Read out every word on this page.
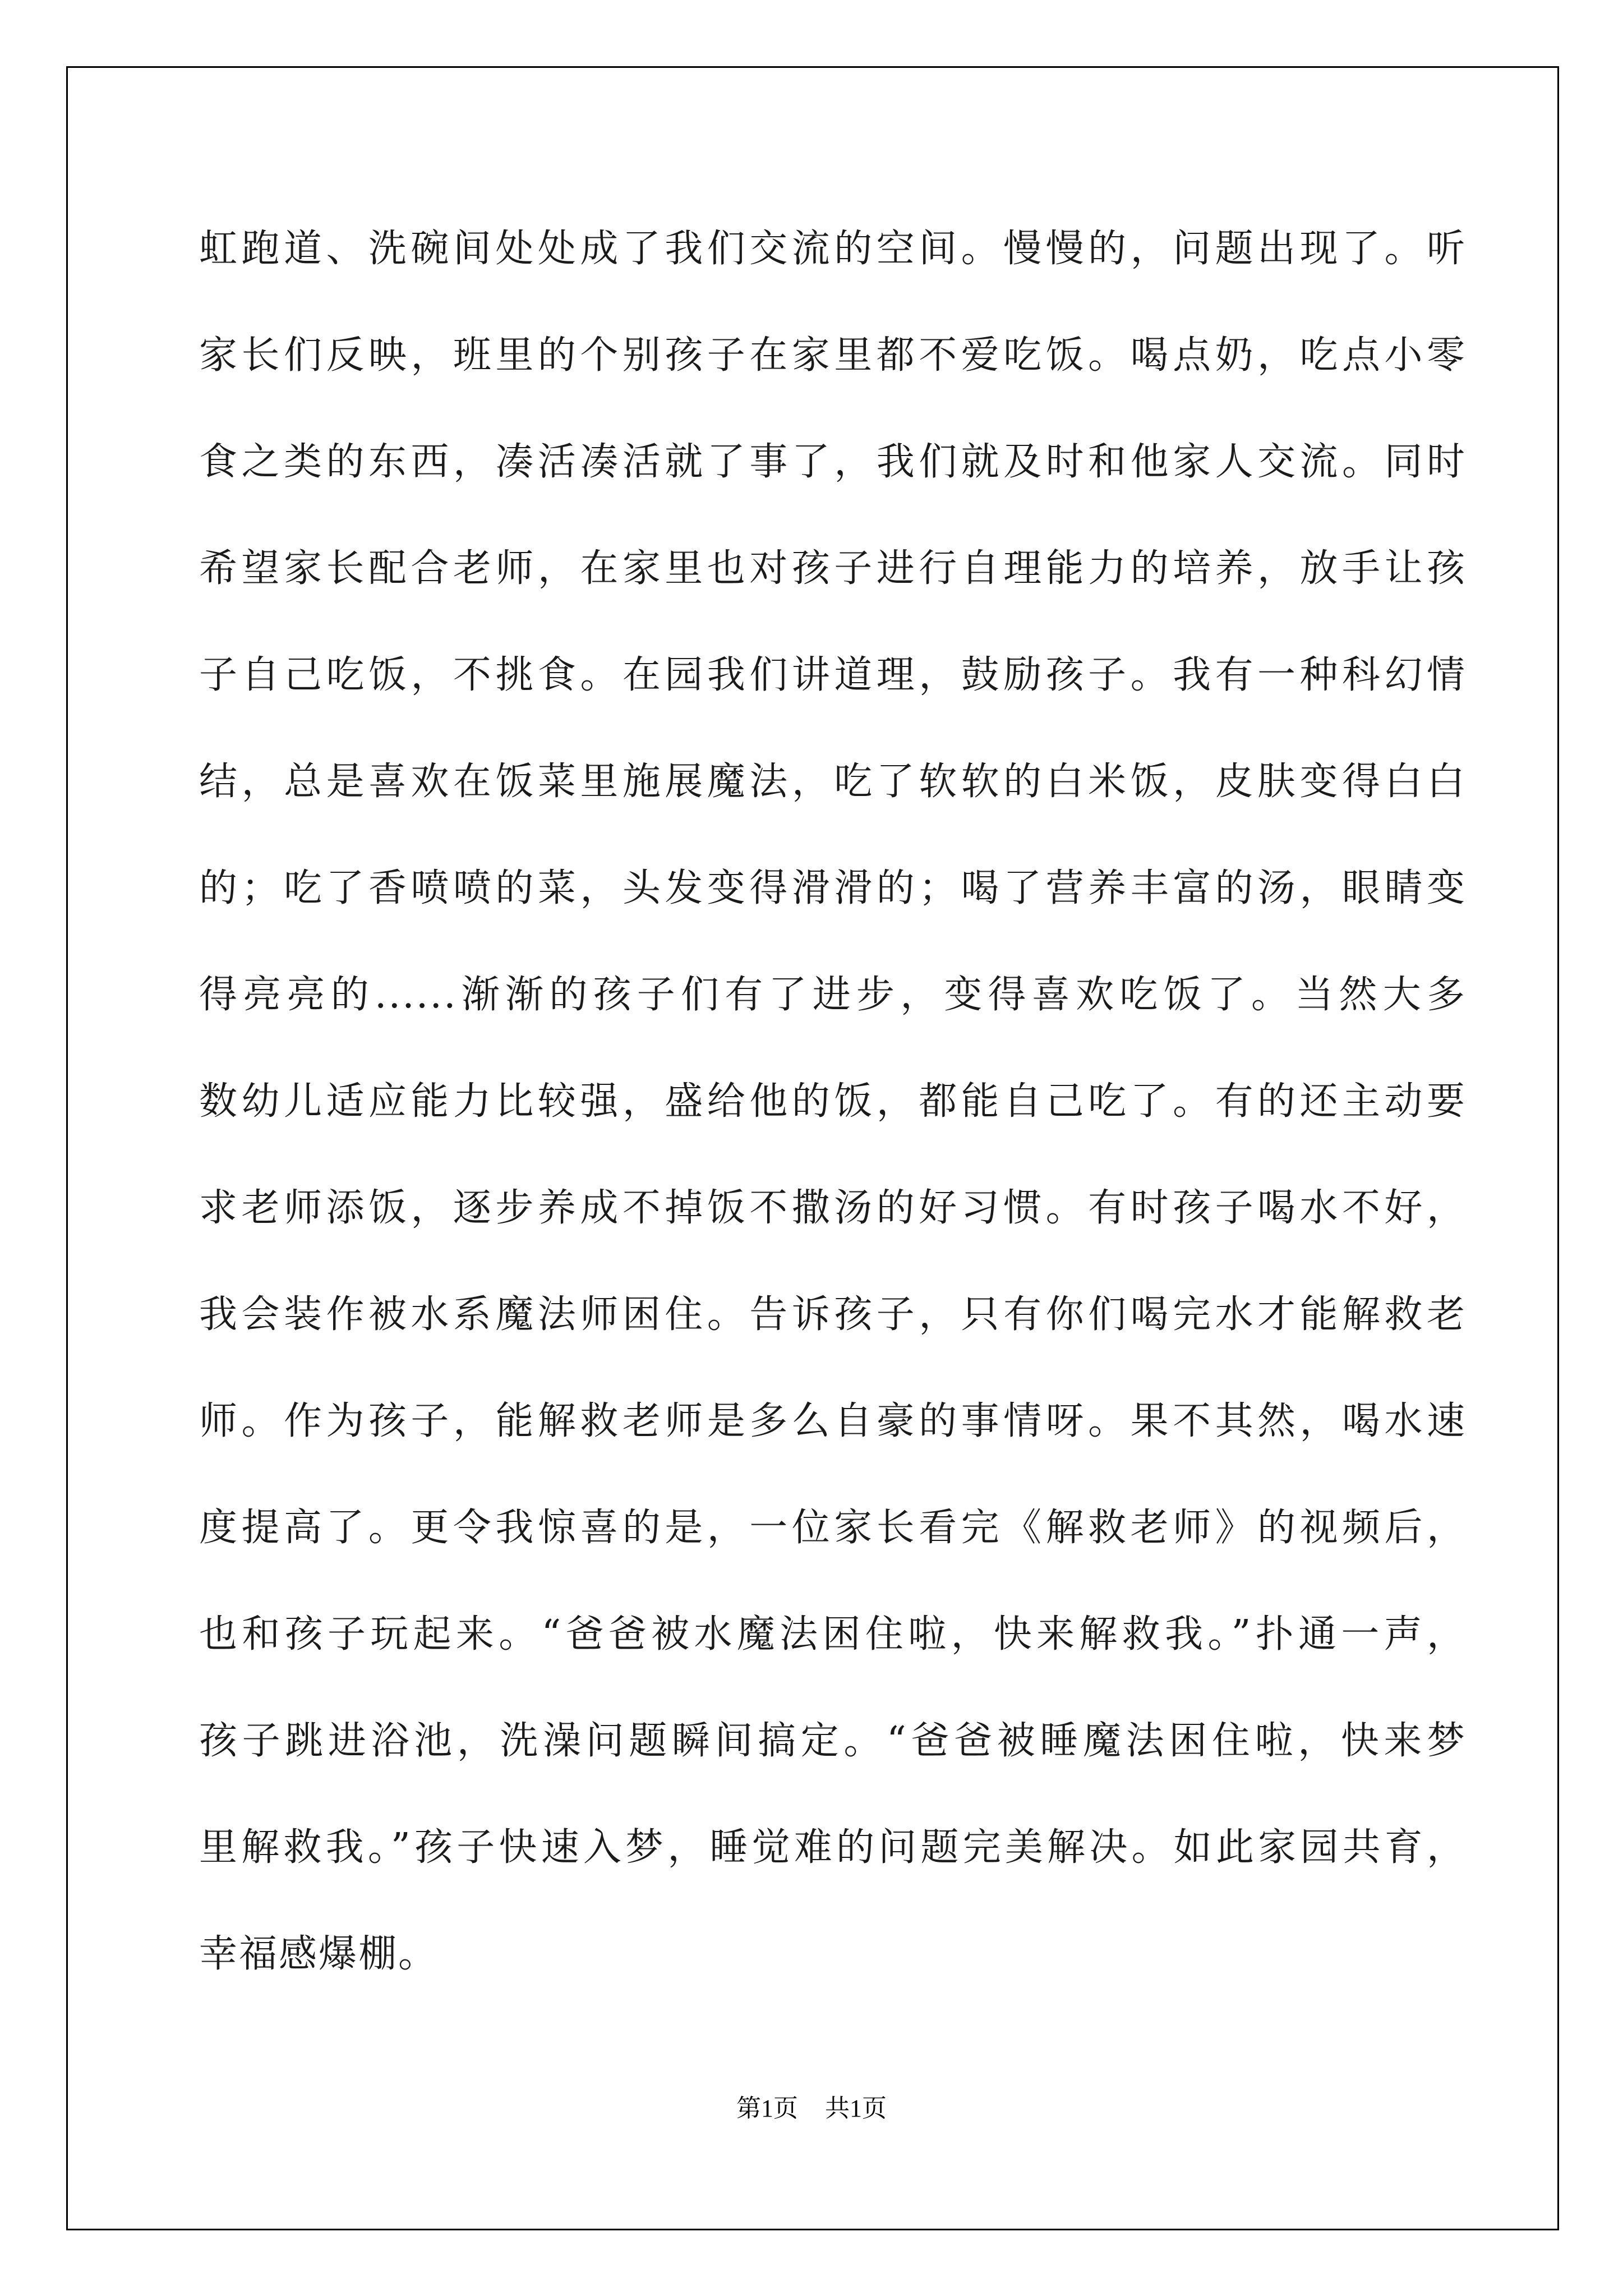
虹跑道、洗碗间处处成了我们交流的空间。慢慢的，问题出现了。听
家长们反映，班里的个别孩子在家里都不爱吃饭。喝点奶，吃点小零
食之类的东西，凑活凑活就了事了，我们就及时和他家人交流。同时
希望家长配合老师，在家里也对孩子进行自理能力的培养，放手让孩
子自己吃饭，不挑食。在园我们讲道理，鼓励孩子。我有一种科幻情
结，总是喜欢在饭菜里施展魔法，吃了软软的白米饭，皮肤变得白白
的；吃了香喷喷的菜，头发变得滑滑的；喝了营养丰富的汤，眼睛变
得亮亮的......渐渐的孩子们有了进步，变得喜欢吃饭了。当然大多
数幼儿适应能力比较强，盛给他的饭，都能自己吃了。有的还主动要
求老师添饭，逐步养成不掉饭不撒汤的好习惯。有时孩子喝水不好，
我会装作被水系魔法师困住。告诉孩子，只有你们喝完水才能解救老
师。作为孩子，能解救老师是多么自豪的事情呀。果不其然，喝水速
度提高了。更令我惊喜的是，一位家长看完《解救老师》的视频后，
也和孩子玩起来。“爸爸被水魔法困住啦，快来解救我。”扑通一声，
孩子跳进浴池，洗澡问题瞬间搞定。“爸爸被睡魔法困住啦，快来梦
里解救我。”孩子快速入梦，睡觉难的问题完美解决。如此家园共育，
幸福感爆棚。
第1页 共1页
